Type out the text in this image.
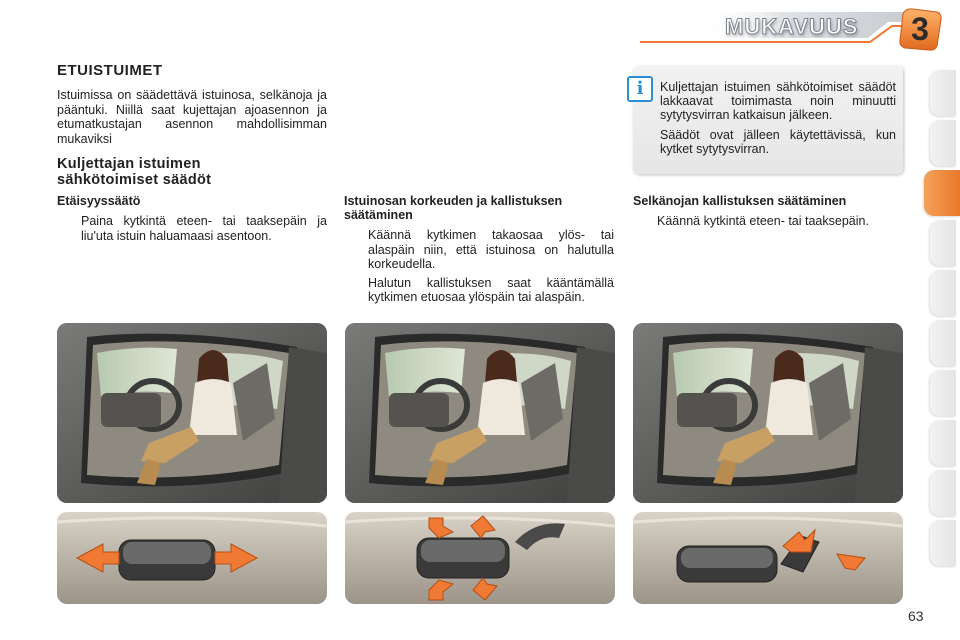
MUKAVUUS	3
ETUISTUIMET

Istuimissa on säädettävä istuinosa, selkänoja ja pääntuki. Niillä saat kujettajan ajoasennon ja etumatkustajan asennon mahdollisimman mukaviksi

Kuljettajan istuimen
sähkötoimiset säädöt
Etäisyyssäätö
Paina kytkintä eteen- tai taaksepäin ja liu'uta istuin haluamaasi asentoon.
Istuinosan korkeuden ja kallistuksen säätäminen
Käännä kytkimen takaosaa ylös- tai alaspäin niin, että istuinosa on halutulla korkeudella.
Halutun kallistuksen saat kääntämällä kytkimen etuosaa ylöspäin tai alaspäin.
Selkänojan kallistuksen säätäminen
Käännä kytkintä eteen- tai taaksepäin.
i	Kuljettajan istuimen sähkötoimiset säädöt lakkaavat toimimasta noin minuutti sytytysvirran katkaisun jälkeen.

Säädöt ovat jälleen käytettävissä, kun kytket sytytysvirran.

63
